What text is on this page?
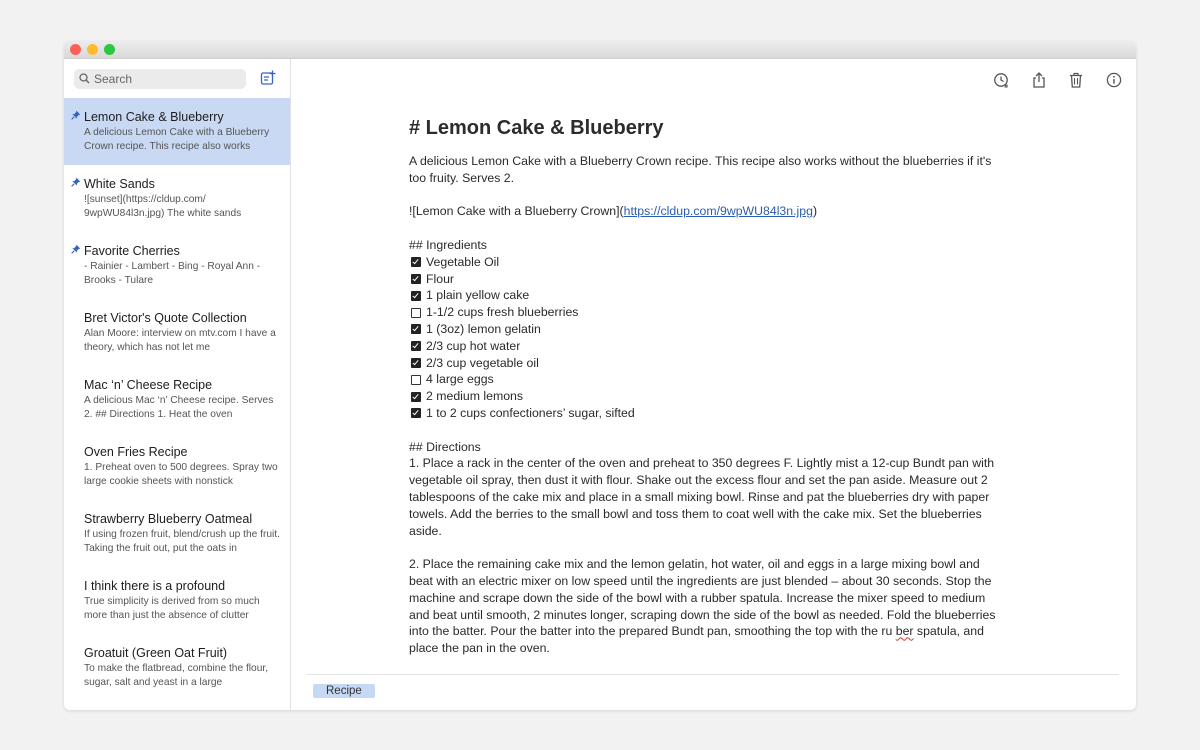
Search
Lemon Cake & Blueberry
A delicious Lemon Cake with a Blueberry Crown recipe. This recipe also works
White Sands
![sunset](https://cldup.com/ 9wpWU84l3n.jpg) The white sands
Favorite Cherries
- Rainier - Lambert - Bing - Royal Ann - Brooks - Tulare
Bret Victor's Quote Collection
Alan Moore: interview on mtv.com I have a theory, which has not let me
Mac ‘n’ Cheese Recipe
A delicious Mac ‘n’ Cheese recipe. Serves 2. ## Directions 1. Heat the oven
Oven Fries Recipe
1. Preheat oven to 500 degrees. Spray two large cookie sheets with nonstick
Strawberry Blueberry Oatmeal
If using frozen fruit, blend/crush up the fruit. Taking the fruit out, put the oats in
I think there is a profound
True simplicity is derived from so much more than just the absence of clutter
Groatuit (Green Oat Fruit)
To make the flatbread, combine the flour, sugar, salt and yeast in a large
# Lemon Cake & Blueberry

A delicious Lemon Cake with a Blueberry Crown recipe. This recipe also works without the blueberries if it's too fruity. Serves 2.

![Lemon Cake with a Blueberry Crown](https://cldup.com/9wpWU84l3n.jpg)

## Ingredients

Vegetable Oil
Flour
1 plain yellow cake
1-1/2 cups fresh blueberries
1 (3oz) lemon gelatin
2/3 cup hot water
2/3 cup vegetable oil
4 large eggs
2 medium lemons
1 to 2 cups confectioners’ sugar, sifted

## Directions

1. Place a rack in the center of the oven and preheat to 350 degrees F. Lightly mist a 12-cup Bundt pan with vegetable oil spray, then dust it with flour. Shake out the excess flour and set the pan aside. Measure out 2 tablespoons of the cake mix and place in a small mixing bowl. Rinse and pat the blueberries dry with paper towels. Add the berries to the small bowl and toss them to coat well with the cake mix. Set the blueberries aside.

2. Place the remaining cake mix and the lemon gelatin, hot water, oil and eggs in a large mixing bowl and beat with an electric mixer on low speed until the ingredients are just blended – about 30 seconds. Stop the machine and scrape down the side of the bowl with a rubber spatula. Increase the mixer speed to medium and beat until smooth, 2 minutes longer, scraping down the side of the bowl as needed. Fold the blueberries into the batter. Pour the batter into the prepared Bundt pan, smoothing the top with the ru ber spatula, and place the pan in the oven.

Recipe
